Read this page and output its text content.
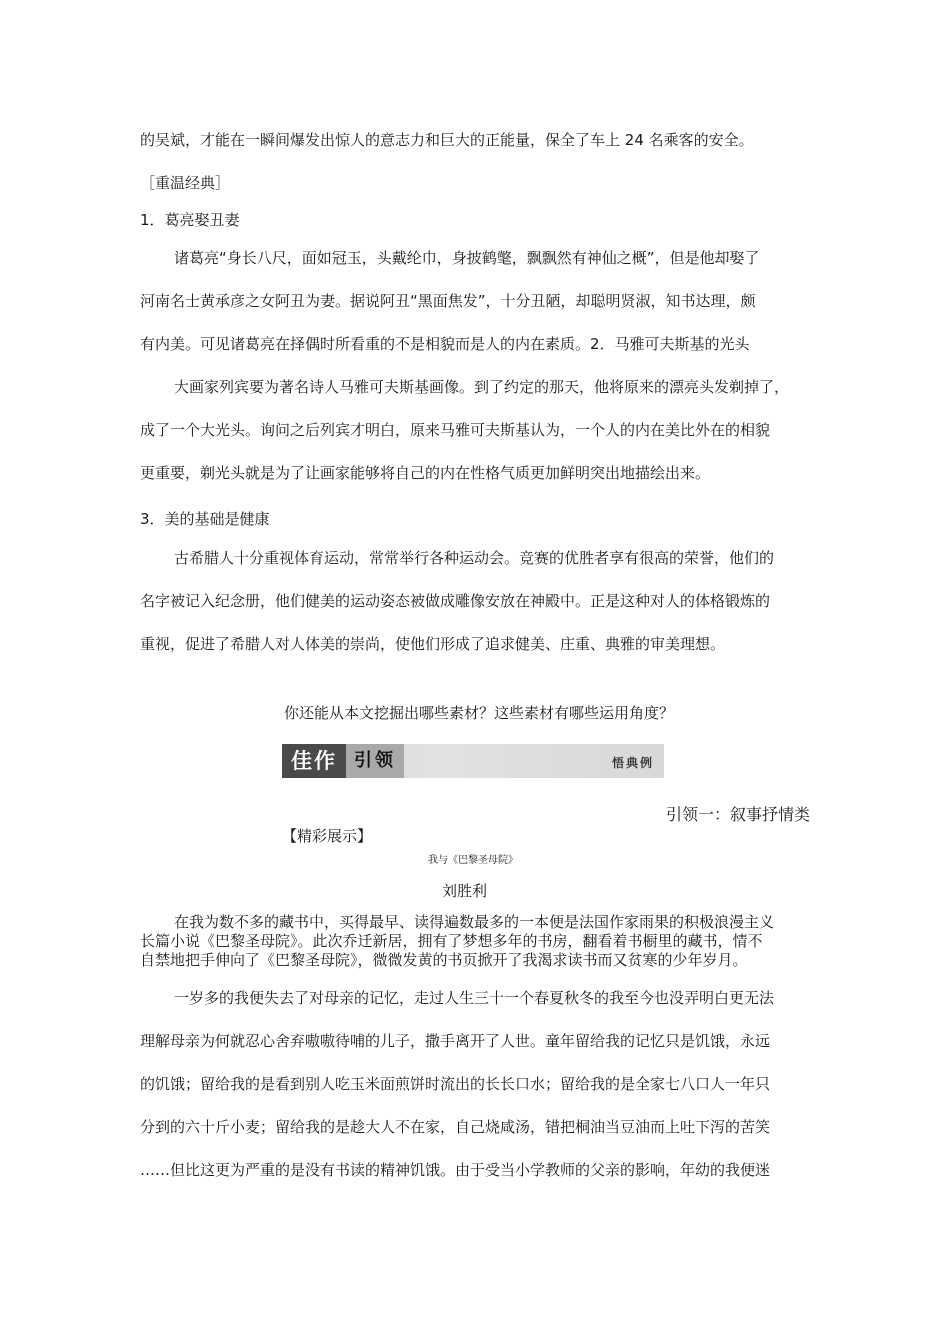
的吴斌，才能在一瞬间爆发出惊人的意志力和巨大的正能量，保全了车上 24 名乘客的安全。
［重温经典］
1．葛亮娶丑妻
诸葛亮“身长八尺，面如冠玉，头戴纶巾，身披鹤氅，飘飘然有神仙之概”，但是他却娶了
河南名士黄承彦之女阿丑为妻。据说阿丑“黑面焦发”，十分丑陋，却聪明贤淑，知书达理，颇
有内美。可见诸葛亮在择偶时所看重的不是相貌而是人的内在素质。2．马雅可夫斯基的光头
大画家列宾要为著名诗人马雅可夫斯基画像。到了约定的那天，他将原来的漂亮头发剃掉了，
成了一个大光头。询问之后列宾才明白，原来马雅可夫斯基认为，一个人的内在美比外在的相貌
更重要，剃光头就是为了让画家能够将自己的内在性格气质更加鲜明突出地描绘出来。
3．美的基础是健康
古希腊人十分重视体育运动，常常举行各种运动会。竞赛的优胜者享有很高的荣誉，他们的
名字被记入纪念册，他们健美的运动姿态被做成雕像安放在神殿中。正是这种对人的体格锻炼的
重视，促进了希腊人对人体美的崇尚，使他们形成了追求健美、庄重、典雅的审美理想。
你还能从本文挖掘出哪些素材？这些素材有哪些运用角度？
佳作 引领	悟典例
引领一：叙事抒情类
【精彩展示】
我与《巴黎圣母院》
刘胜利
在我为数不多的藏书中，买得最早、读得遍数最多的一本便是法国作家雨果的积极浪漫主义
长篇小说《巴黎圣母院》。此次乔迁新居，拥有了梦想多年的书房，翻看着书橱里的藏书，情不
自禁地把手伸向了《巴黎圣母院》，微微发黄的书页掀开了我渴求读书而又贫寒的少年岁月。
一岁多的我便失去了对母亲的记忆，走过人生三十一个春夏秋冬的我至今也没弄明白更无法
理解母亲为何就忍心舍弃嗷嗷待哺的儿子，撒手离开了人世。童年留给我的记忆只是饥饿，永远
的饥饿；留给我的是看到别人吃玉米面煎饼时流出的长长口水；留给我的是全家七八口人一年只
分到的六十斤小麦；留给我的是趁大人不在家，自己烧咸汤，错把桐油当豆油而上吐下泻的苦笑
……但比这更为严重的是没有书读的精神饥饿。由于受当小学教师的父亲的影响，年幼的我便迷
